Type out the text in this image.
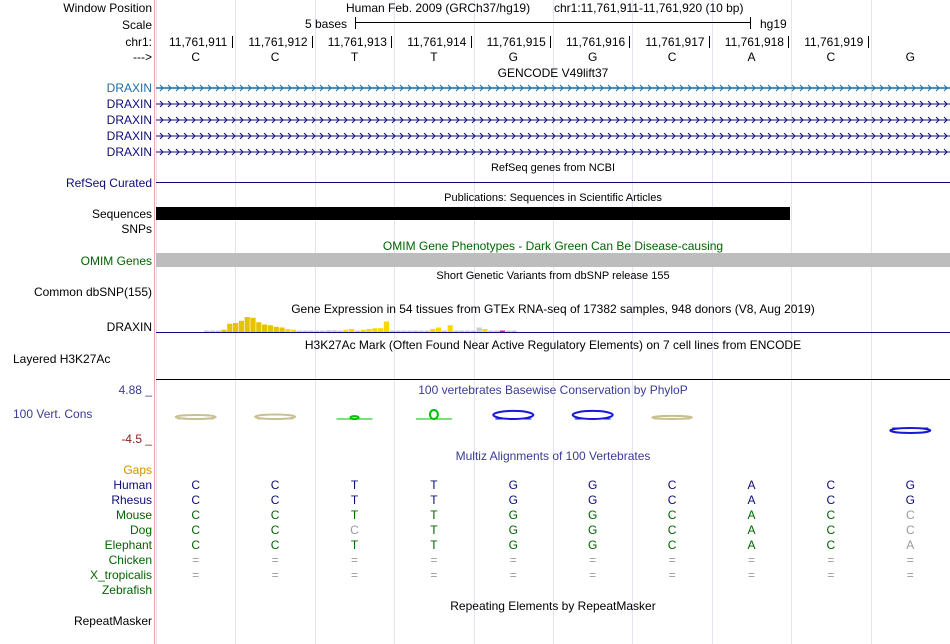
Window Position
Scale
chr1:
--->
Human Feb. 2009 (GRCh37/hg19) chr1:11,761,911-11,761,920 (10 bp)
5 bases	hg19
11,761,911 11,761,912 11,761,913 11,761,914 11,761,915 11,761,916 11,761,917 11,761,918 11,761,919
C	C	T	T	G	G	C	A	C	G
GENCODE V49lift37
DRAXIN
DRAXIN
DRAXIN
DRAXIN
DRAXIN
RefSeq genes from NCBI
RefSeq Curated
Publications: Sequences in Scientific Articles
Sequences
SNPs
OMIM Gene Phenotypes - Dark Green Can Be Disease-causing
OMIM Genes
Short Genetic Variants from dbSNP release 155
Common dbSNP(155)
Gene Expression in 54 tissues from GTEx RNA-seq of 17382 samples, 948 donors (V8, Aug 2019)
DRAXIN
H3K27Ac Mark (Often Found Near Active Regulatory Elements) on 7 cell lines from ENCODE
Layered H3K27Ac
100 vertebrates Basewise Conservation by PhyloP
4.88 _
100 Vert. Cons
-4.5 _
Multiz Alignments of 100 Vertebrates
Gaps
Human	C	C	T	T	G	G	C	A	C	G
Rhesus	C	C	T	T	G	G	C	A	C	G
Mouse	C	C	T	T	G	G	C	A	C	C
Dog	C	C	C	T	G	G	C	A	C	C
Elephant	C	C	T	T	G	G	C	A	C	A
Chicken	=	=	=	=	=	=	=	=	=	=
X_tropicalis	=	=	=	=	=	=	=	=	=	=
Zebrafish
Repeating Elements by RepeatMasker
RepeatMasker
